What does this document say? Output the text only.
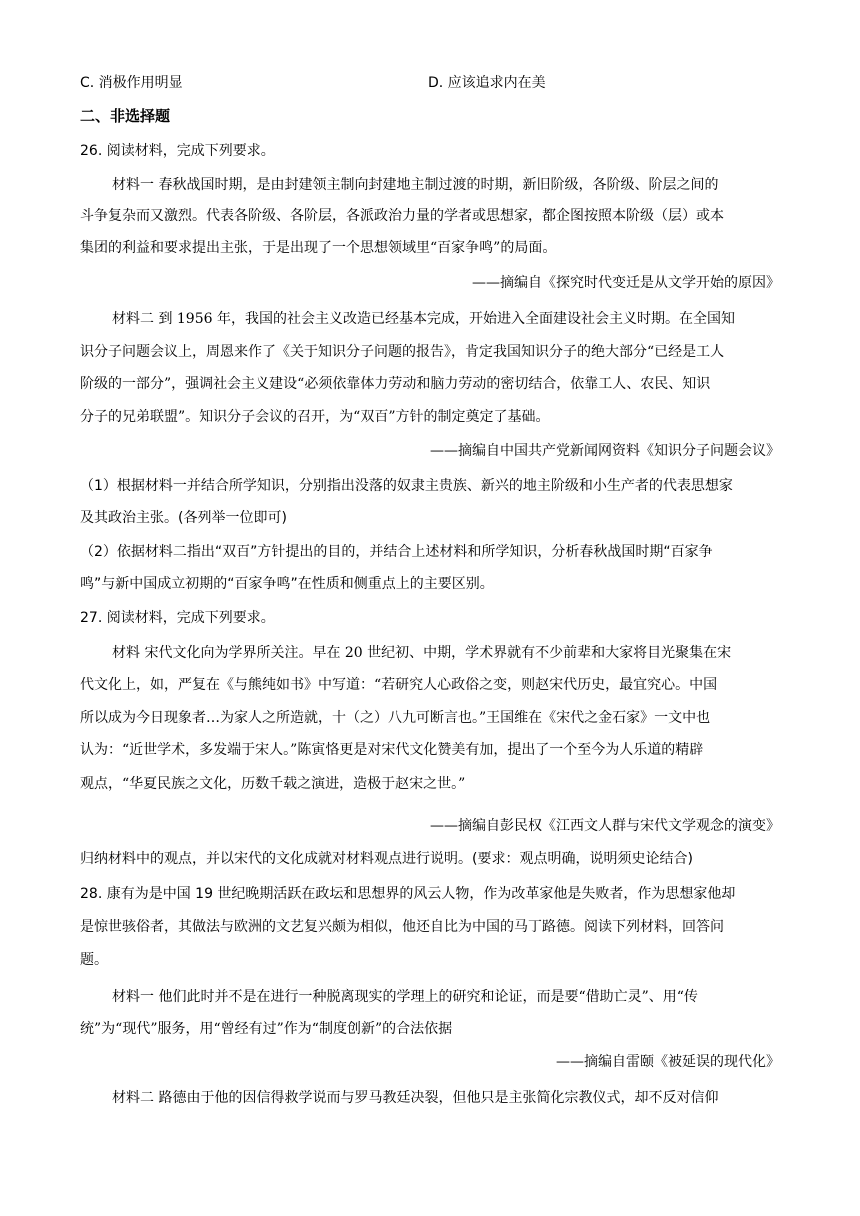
C. 消极作用明显	D. 应该追求内在美
二、非选择题
26. 阅读材料，完成下列要求。
材料一 春秋战国时期，是由封建领主制向封建地主制过渡的时期，新旧阶级，各阶级、阶层之间的
斗争复杂而又激烈。代表各阶级、各阶层，各派政治力量的学者或思想家，都企图按照本阶级（层）或本
集团的利益和要求提出主张，于是出现了一个思想领域里“百家争鸣”的局面。
——摘编自《探究时代变迁是从文学开始的原因》
材料二 到 1956 年，我国的社会主义改造已经基本完成，开始进入全面建设社会主义时期。在全国知
识分子问题会议上，周恩来作了《关于知识分子问题的报告》，肯定我国知识分子的绝大部分“已经是工人
阶级的一部分”，强调社会主义建设“必须依靠体力劳动和脑力劳动的密切结合，依靠工人、农民、知识
分子的兄弟联盟”。知识分子会议的召开，为“双百”方针的制定奠定了基础。
——摘编自中国共产党新闻网资料《知识分子问题会议》
（1）根据材料一并结合所学知识，分别指出没落的奴隶主贵族、新兴的地主阶级和小生产者的代表思想家
及其政治主张。(各列举一位即可)
（2）依据材料二指出“双百”方针提出的目的，并结合上述材料和所学知识，分析春秋战国时期“百家争
鸣”与新中国成立初期的“百家争鸣”在性质和侧重点上的主要区别。
27. 阅读材料，完成下列要求。
材料 宋代文化向为学界所关注。早在 20 世纪初、中期，学术界就有不少前辈和大家将目光聚集在宋
代文化上，如，严复在《与熊纯如书》中写道：“若研究人心政俗之变，则赵宋代历史，最宜究心。中国
所以成为今日现象者…为家人之所造就，十（之）八九可断言也。”王国维在《宋代之金石家》一文中也
认为：“近世学术，多发端于宋人。”陈寅恪更是对宋代文化赞美有加，提出了一个至今为人乐道的精辟
观点，“华夏民族之文化，历数千载之演进，造极于赵宋之世。”
——摘编自彭民权《江西文人群与宋代文学观念的演变》
归纳材料中的观点，并以宋代的文化成就对材料观点进行说明。(要求：观点明确，说明须史论结合)
28. 康有为是中国 19 世纪晚期活跃在政坛和思想界的风云人物，作为改革家他是失败者，作为思想家他却
是惊世骇俗者，其做法与欧洲的文艺复兴颇为相似，他还自比为中国的马丁路德。阅读下列材料，回答问
题。
材料一 他们此时并不是在进行一种脱离现实的学理上的研究和论证，而是要“借助亡灵”、用“传
统”为“现代”服务，用“曾经有过”作为“制度创新”的合法依据
——摘编自雷颐《被延误的现代化》
材料二 路德由于他的因信得救学说而与罗马教廷决裂，但他只是主张简化宗教仪式，却不反对信仰
